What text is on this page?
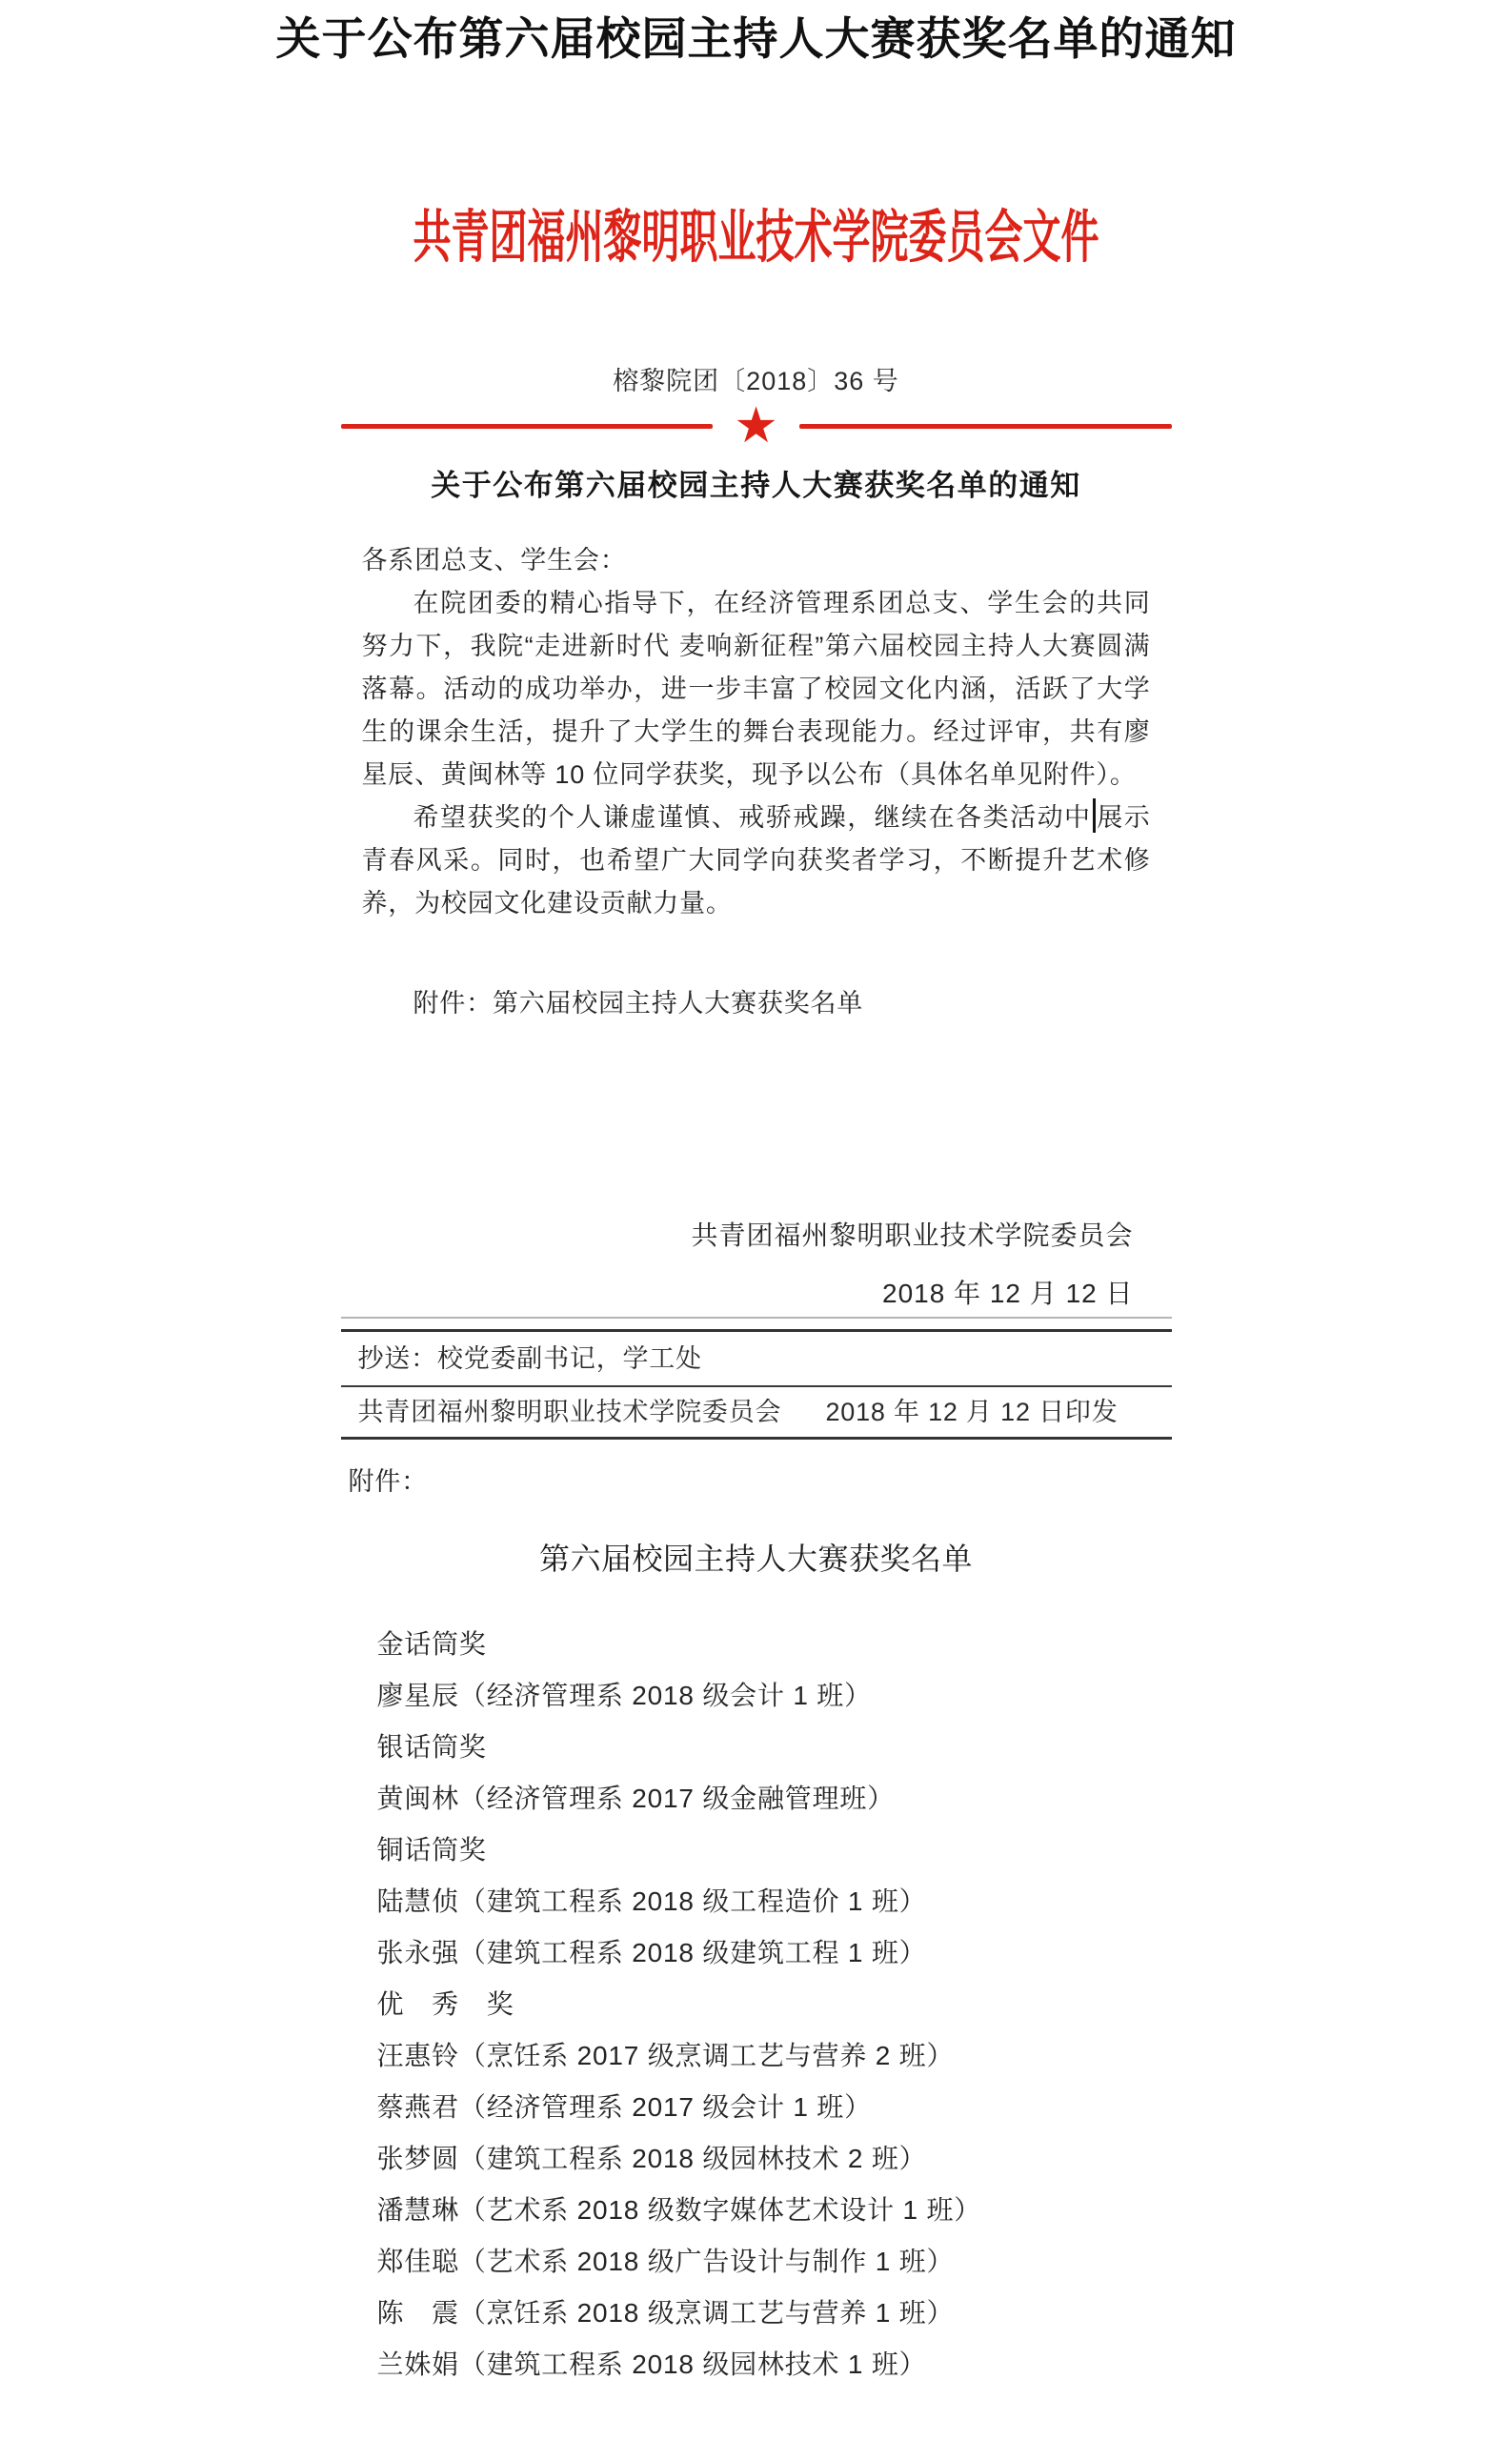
关于公布第六届校园主持人大赛获奖名单的通知
共青团福州黎明职业技术学院委员会文件
榕黎院团〔2018〕36 号
★
关于公布第六届校园主持人大赛获奖名单的通知
各系团总支、学生会：

在院团委的精心指导下，在经济管理系团总支、学生会的共同努力下，我院“走进新时代 麦响新征程”第六届校园主持人大赛圆满落幕。活动的成功举办，进一步丰富了校园文化内涵，活跃了大学生的课余生活，提升了大学生的舞台表现能力。经过评审，共有廖星辰、黄闽林等 10 位同学获奖，现予以公布（具体名单见附件）。

希望获奖的个人谦虚谨慎、戒骄戒躁，继续在各类活动中 展示青春风采。同时，也希望广大同学向获奖者学习，不断提升艺术修养，为校园文化建设贡献力量。

附件：第六届校园主持人大赛获奖名单
共青团福州黎明职业技术学院委员会
2018 年 12 月 12 日
抄送：校党委副书记，学工处
共青团福州黎明职业技术学院委员会 2018 年 12 月 12 日印发
附件：
第六届校园主持人大赛获奖名单
金话筒奖
廖星辰（经济管理系 2018 级会计 1 班）
银话筒奖
黄闽林（经济管理系 2017 级金融管理班）
铜话筒奖
陆慧侦（建筑工程系 2018 级工程造价 1 班）
张永强（建筑工程系 2018 级建筑工程 1 班）
优　秀　奖
汪惠铃（烹饪系 2017 级烹调工艺与营养 2 班）
蔡燕君（经济管理系 2017 级会计 1 班）
张梦圆（建筑工程系 2018 级园林技术 2 班）
潘慧琳（艺术系 2018 级数字媒体艺术设计 1 班）
郑佳聪（艺术系 2018 级广告设计与制作 1 班）
陈　震（烹饪系 2018 级烹调工艺与营养 1 班）
兰姝娟（建筑工程系 2018 级园林技术 1 班）
